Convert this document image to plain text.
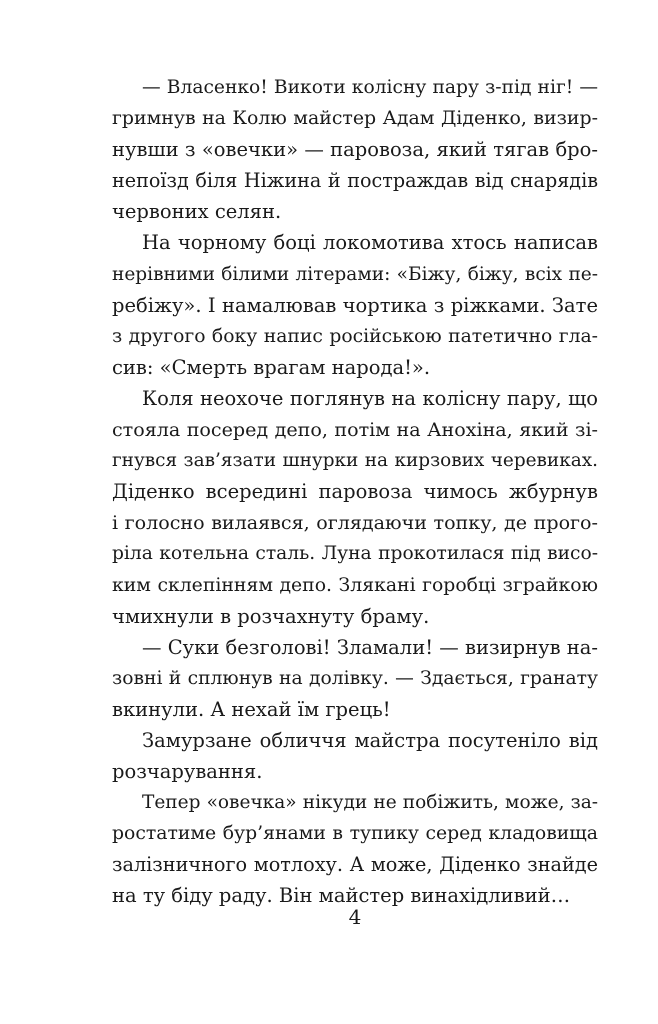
— Власенко! Викоти колісну пару з-під ніг! —
гримнув на Колю майстер Адам Діденко, визир-
нувши з «овечки» — паровоза, який тягав бро-
непоїзд біля Ніжина й постраждав від снарядів
червоних селян.

На чорному боці локомотива хтось написав
нерівними білими літерами: «Біжу, біжу, всіх пе-
ребіжу». І намалював чортика з ріжками. Зате
з другого боку напис російською патетично гла-
сив: «Смерть врагам народа!».

Коля неохоче поглянув на колісну пару, що
стояла посеред депо, потім на Анохіна, який зі-
гнувся зав’язати шнурки на кирзових черевиках.
Діденко всередині паровоза чимось жбурнув
і голосно вилаявся, оглядаючи топку, де прого-
ріла котельна сталь. Луна прокотилася під висо-
ким склепінням депо. Злякані горобці зграйкою
чмихнули в розчахнуту браму.

— Суки безголові! Зламали! — визирнув на-
зовні й сплюнув на долівку. — Здається, гранату
вкинули. А нехай їм грець!

Замурзане обличчя майстра посутеніло від
розчарування.

Тепер «овечка» нікуди не побіжить, може, за-
ростатиме бур’янами в тупику серед кладовища
залізничного мотлоху. А може, Діденко знайде
на ту біду раду. Він майстер винахідливий…

4
